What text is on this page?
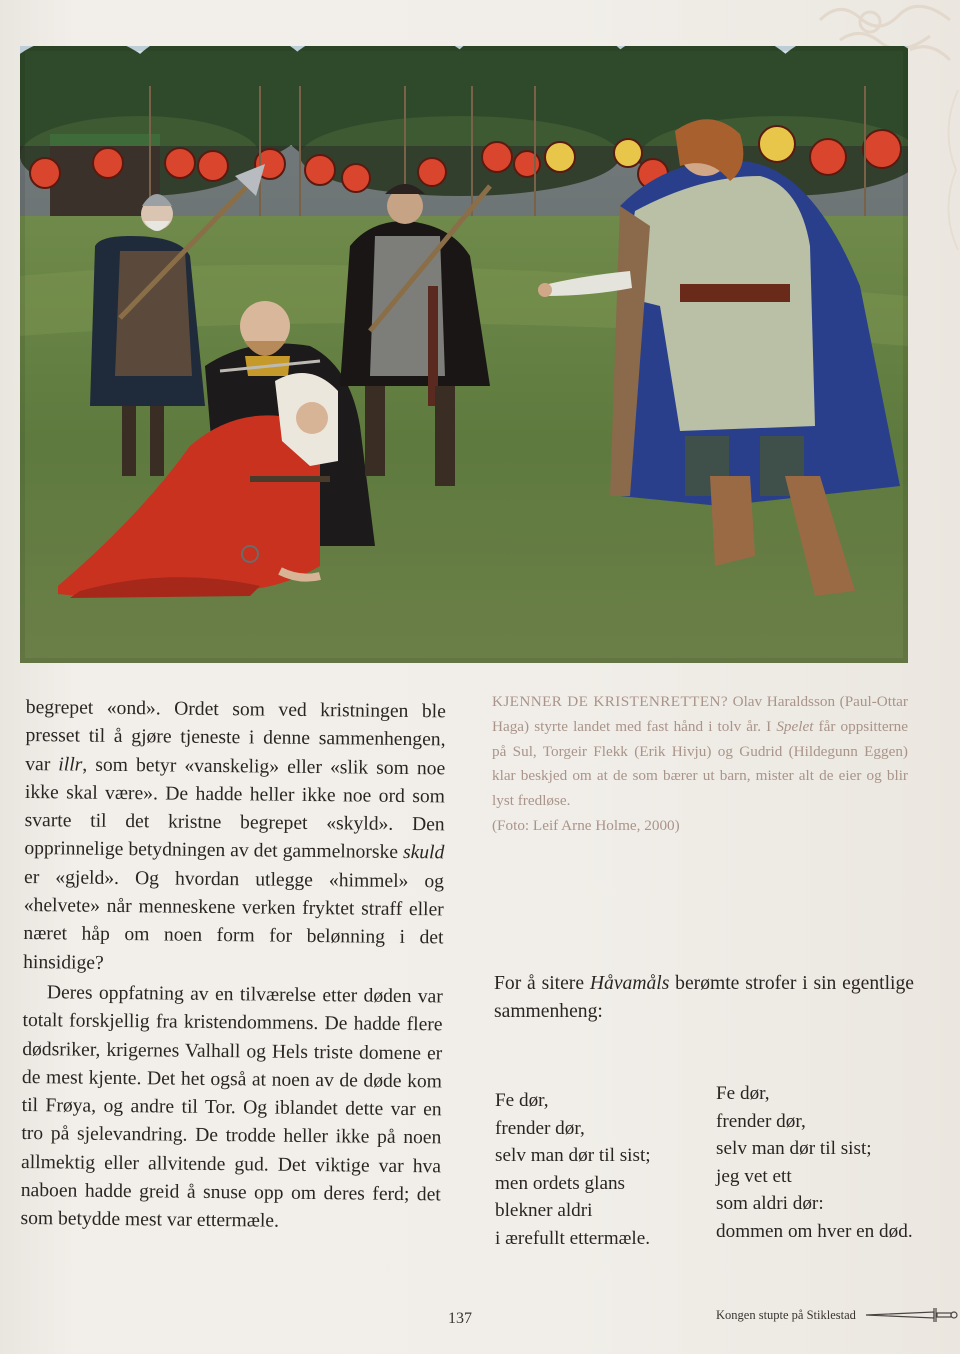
begrepet «ond». Ordet som ved kristningen ble presset til å gjøre tjeneste i denne sammenhengen, var illr, som betyr «vanskelig» eller «slik som noe ikke skal være». De hadde heller ikke noe ord som svarte til det kristne begrepet «skyld». Den opprinnelige betydningen av det gammelnorske skuld er «gjeld». Og hvordan utlegge «himmel» og «helvete» når menneskene verken fryktet straff eller næret håp om noen form for belønning i det hinsidige?

Deres oppfatning av en tilværelse etter døden var totalt forskjellig fra kristendommens. De hadde flere dødsriker, krigernes Valhall og Hels triste domene er de mest kjente. Det het også at noen av de døde kom til Frøya, og andre til Tor. Og iblandet dette var en tro på sjelevandring. De trodde heller ikke på noen allmektig eller allvitende gud. Det viktige var hva naboen hadde greid å snuse opp om deres ferd; det som betydde mest var ettermæle.

KJENNER DE KRISTENRETTEN? Olav Haraldsson (Paul-Ottar Haga) styrte landet med fast hånd i tolv år. I Spelet får oppsitterne på Sul, Torgeir Flekk (Erik Hivju) og Gudrid (Hildegunn Eggen) klar beskjed om at de som bærer ut barn, mister alt de eier og blir lyst fredløse.

(Foto: Leif Arne Holme, 2000)

For å sitere Håvamåls berømte strofer i sin egentlige sammenheng:

Fe dør,
frender dør,
selv man dør til sist;
men ordets glans
blekner aldri
i ærefullt ettermæle.
Fe dør,
frender dør,
selv man dør til sist;
jeg vet ett
som aldri dør:
dommen om hver en død.
137	Kongen stupte på Stiklestad
